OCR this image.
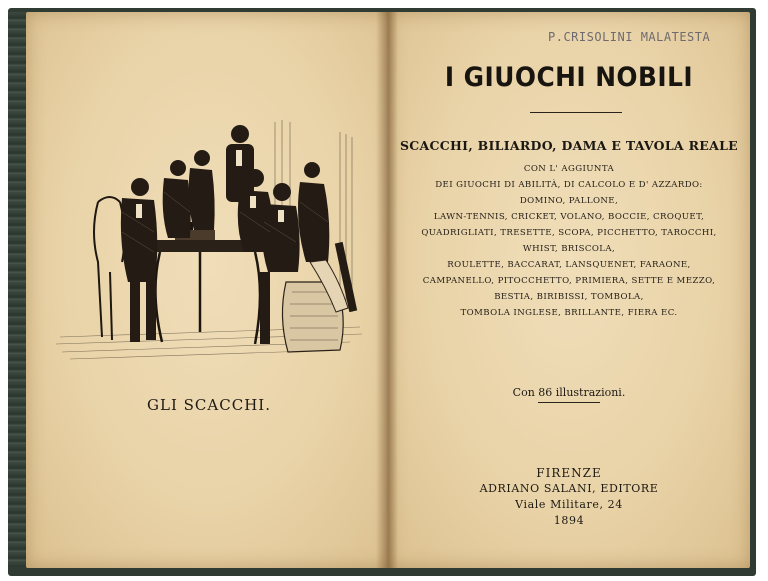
GLI SCACCHI.
P.CRISOLINI MALATESTA
I GIUOCHI NOBILI
SCACCHI, BILIARDO, DAMA E TAVOLA REALE
CON L' AGGIUNTA
DEI GIUOCHI DI ABILITÀ, DI CALCOLO E D' AZZARDO:
DOMINO, PALLONE,
LAWN-TENNIS, CRICKET, VOLANO, BOCCIE, CROQUET,
QUADRIGLIATI, TRESETTE, SCOPA, PICCHETTO, TAROCCHI,
WHIST, BRISCOLA,
ROULETTE, BACCARAT, LANSQUENET, FARAONE,
CAMPANELLO, PITOCCHETTO, PRIMIERA, SETTE E MEZZO,
BESTIA, BIRIBISSI, TOMBOLA,
TOMBOLA INGLESE, BRILLANTE, FIERA EC.
Con 86 illustrazioni.
FIRENZE
ADRIANO SALANI, EDITORE
Viale Militare, 24
1894
